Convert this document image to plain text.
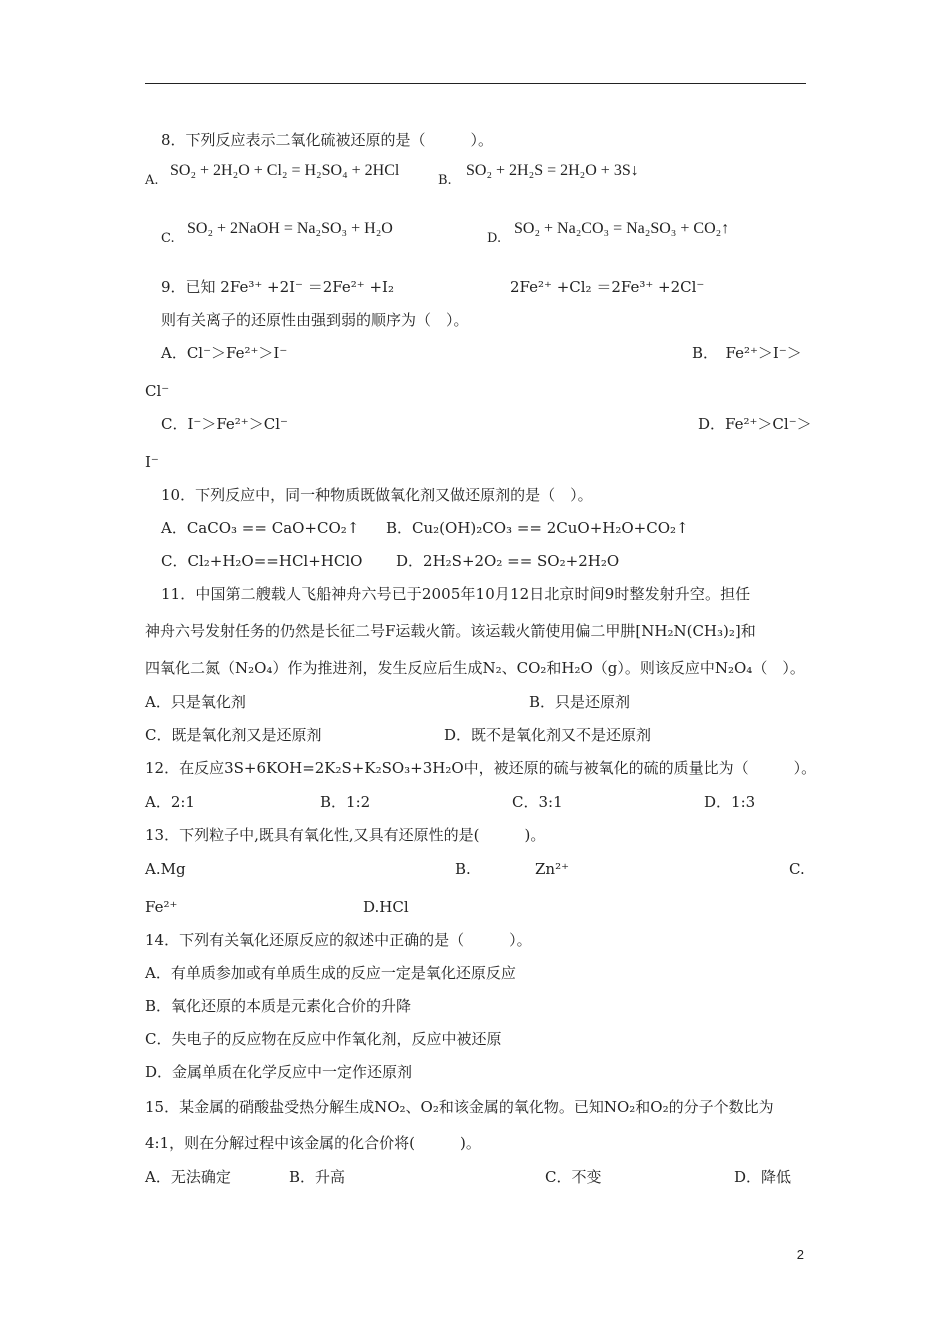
8．下列反应表示二氧化硫被还原的是（　　　）。
A.
SO₂ + 2H₂O + Cl₂ = H₂SO₄ + 2HCl
B.
SO₂ + 2H₂S = 2H₂O + 3S↓
C.
SO₂ + 2NaOH = Na₂SO₃ + H₂O
D.
SO₂ + Na₂CO₃ = Na₂SO₃ + CO₂↑
9．已知 2Fe³⁺ +2I⁻ ＝2Fe²⁺ +I₂	2Fe²⁺ +Cl₂ ＝2Fe³⁺ +2Cl⁻
则有关离子的还原性由强到弱的顺序为（　）。
A．Cl⁻＞Fe²⁺＞I⁻	B．　Fe²⁺＞I⁻＞
Cl⁻
C．I⁻＞Fe²⁺＞Cl⁻	D．Fe²⁺＞Cl⁻＞
I⁻
10．下列反应中，同一种物质既做氧化剂又做还原剂的是（　）。
A．CaCO₃ == CaO+CO₂↑ B．Cu₂(OH)₂CO₃ == 2CuO+H₂O+CO₂↑
C．Cl₂+H₂O==HCl+HClO D．2H₂S+2O₂ == SO₂+2H₂O
11．中国第二艘载人飞船神舟六号已于2005年10月12日北京时间9时整发射升空。担任
神舟六号发射任务的仍然是长征二号F运载火箭。该运载火箭使用偏二甲肼[NH₂N(CH₃)₂]和
四氧化二氮（N₂O₄）作为推进剂，发生反应后生成N₂、CO₂和H₂O（g）。则该反应中N₂O₄（　）。
A．只是氧化剂	B．只是还原剂
C．既是氧化剂又是还原剂	D．既不是氧化剂又不是还原剂
12．在反应3S+6KOH=2K₂S+K₂SO₃+3H₂O中，被还原的硫与被氧化的硫的质量比为（　　　）。
A．2:1	B．1:2	C．3:1	D．1:3
13．下列粒子中,既具有氧化性,又具有还原性的是(　　　)。
A.Mg	B.	Zn²⁺	C.
Fe²⁺	D.HCl
14．下列有关氧化还原反应的叙述中正确的是（　　　）。
A．有单质参加或有单质生成的反应一定是氧化还原反应
B．氧化还原的本质是元素化合价的升降
C．失电子的反应物在反应中作氧化剂，反应中被还原
D．金属单质在化学反应中一定作还原剂
15．某金属的硝酸盐受热分解生成NO₂、O₂和该金属的氧化物。已知NO₂和O₂的分子个数比为
4:1，则在分解过程中该金属的化合价将(　　　)。
A．无法确定	B．升高	C．不变	D．降低
2
